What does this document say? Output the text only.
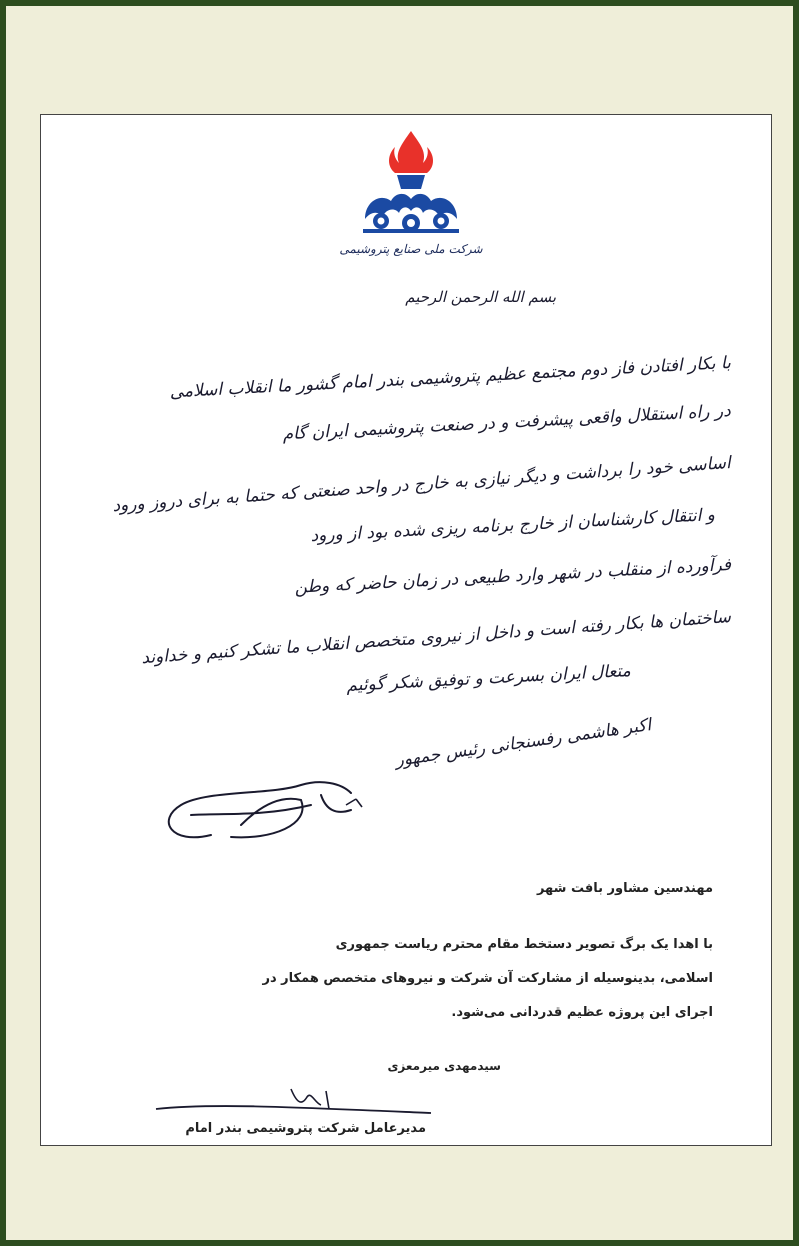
شرکت ملی صنایع پتروشیمی
بسم الله الرحمن الرحیم
با بکار افتادن فاز دوم مجتمع عظیم پتروشیمی بندر امام گشور ما انقلاب اسلامی
در راه استقلال واقعی پیشرفت و در صنعت پتروشیمی ایران گام
اساسی خود را برداشت و دیگر نیازی به خارج در واحد صنعتی که حتما به برای دروز ورود
و انتقال کارشناسان از خارج برنامه ریزی شده بود از ورود
فرآورده از منقلب در شهر وارد طبیعی در زمان حاضر که وطن
ساختمان ها بکار رفته است و داخل از نیروی متخصص انقلاب ما تشکر کنیم و خداوند
متعال ایران بسرعت و توفیق شکر گوئیم
اکبر هاشمی رفسنجانی رئیس جمهور
مهندسین مشاور بافت شهر
با اهدا یک برگ تصویر دستخط مقام محترم ریاست جمهوری
اسلامی، بدینوسیله از مشارکت آن شرکت و نیروهای متخصص همکار در
اجرای این پروژه عظیم قدردانی می‌شود.
سیدمهدی میرمعزی
مدیرعامل شرکت پتروشیمی بندر امام
